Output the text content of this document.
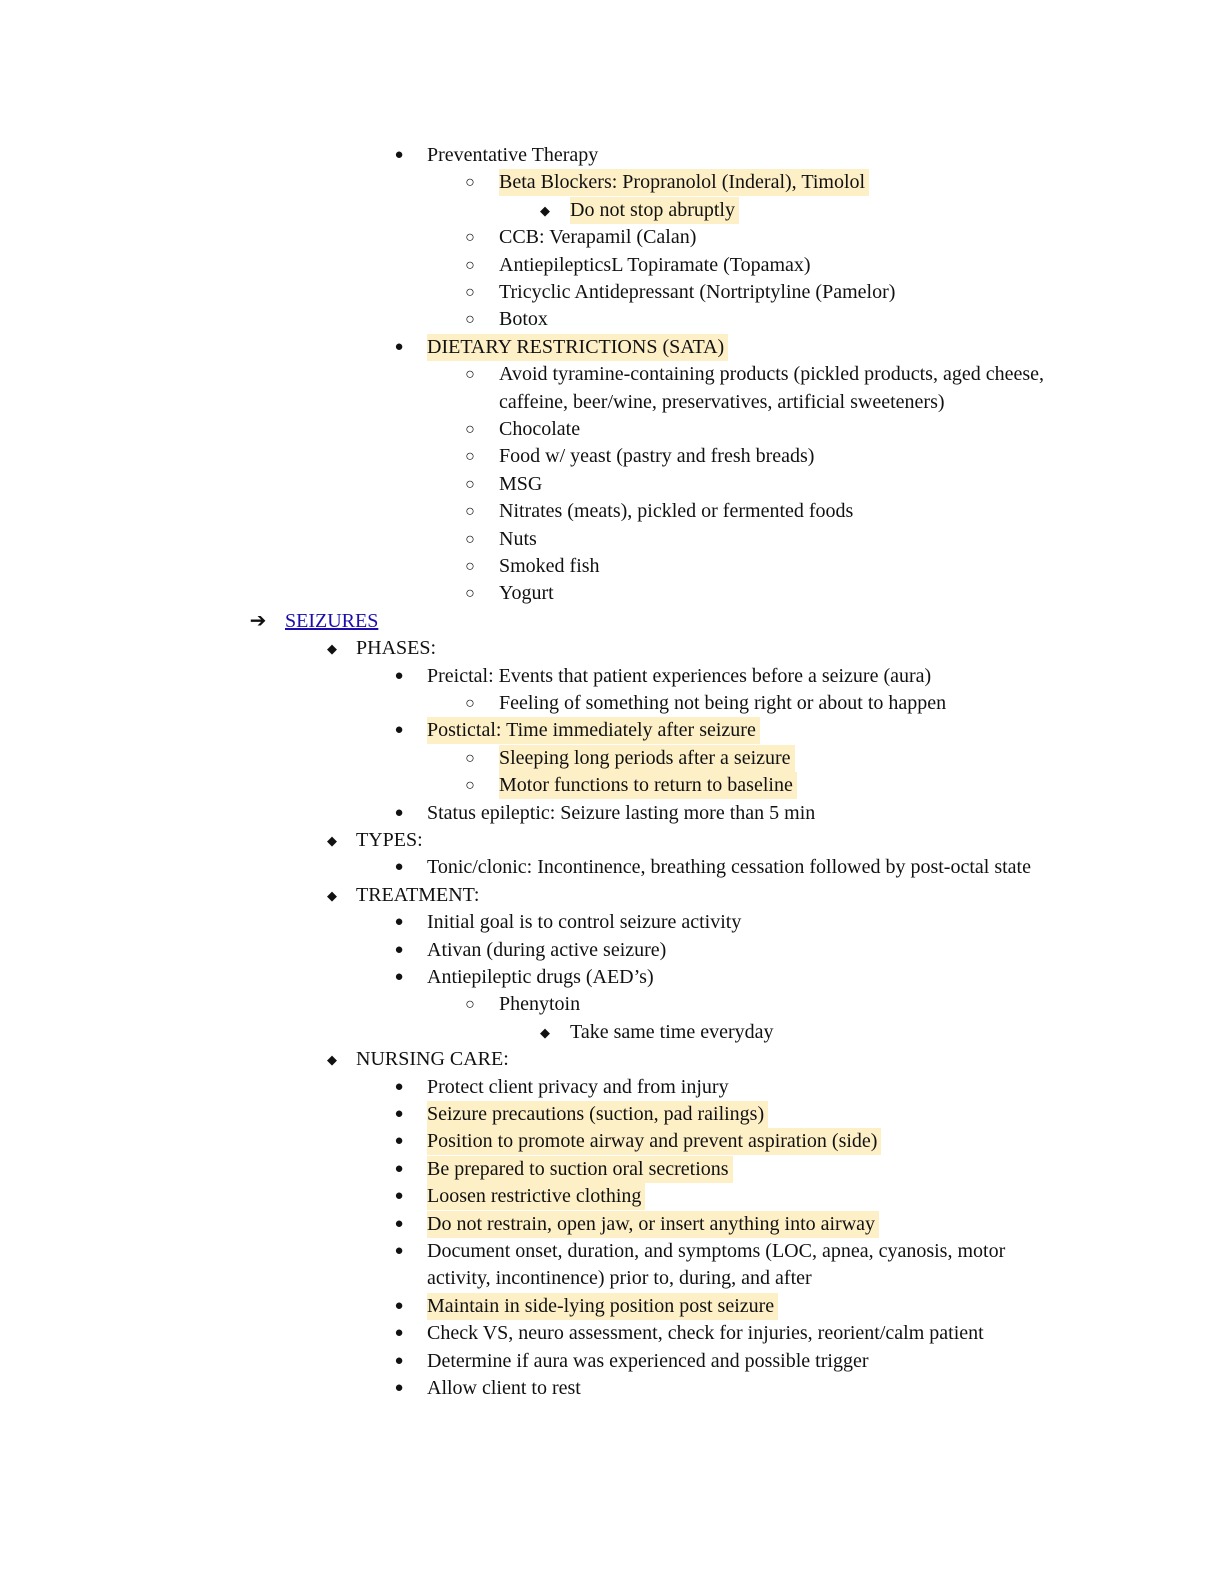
● Preventative Therapy
○ Beta Blockers: Propranolol (Inderal), Timolol
◆ Do not stop abruptly
○ CCB: Verapamil (Calan)
○ AntiepilepticsL Topiramate (Topamax)
○ Tricyclic Antidepressant (Nortriptyline (Pamelor)
○ Botox
● DIETARY RESTRICTIONS (SATA)
○ Avoid tyramine-containing products (pickled products, aged cheese,
caffeine, beer/wine, preservatives, artificial sweeteners)
○ Chocolate
○ Food w/ yeast (pastry and fresh breads)
○ MSG
○ Nitrates (meats), pickled or fermented foods
○ Nuts
○ Smoked fish
○ Yogurt
➔ SEIZURES
◆ PHASES:
● Preictal: Events that patient experiences before a seizure (aura)
○ Feeling of something not being right or about to happen
● Postictal: Time immediately after seizure
○ Sleeping long periods after a seizure
○ Motor functions to return to baseline
● Status epileptic: Seizure lasting more than 5 min
◆ TYPES:
● Tonic/clonic: Incontinence, breathing cessation followed by post-octal state
◆ TREATMENT:
● Initial goal is to control seizure activity
● Ativan (during active seizure)
● Antiepileptic drugs (AED’s)
○ Phenytoin
◆ Take same time everyday
◆ NURSING CARE:
● Protect client privacy and from injury
● Seizure precautions (suction, pad railings)
● Position to promote airway and prevent aspiration (side)
● Be prepared to suction oral secretions
● Loosen restrictive clothing
● Do not restrain, open jaw, or insert anything into airway
● Document onset, duration, and symptoms (LOC, apnea, cyanosis, motor
activity, incontinence) prior to, during, and after
● Maintain in side-lying position post seizure
● Check VS, neuro assessment, check for injuries, reorient/calm patient
● Determine if aura was experienced and possible trigger
● Allow client to rest
